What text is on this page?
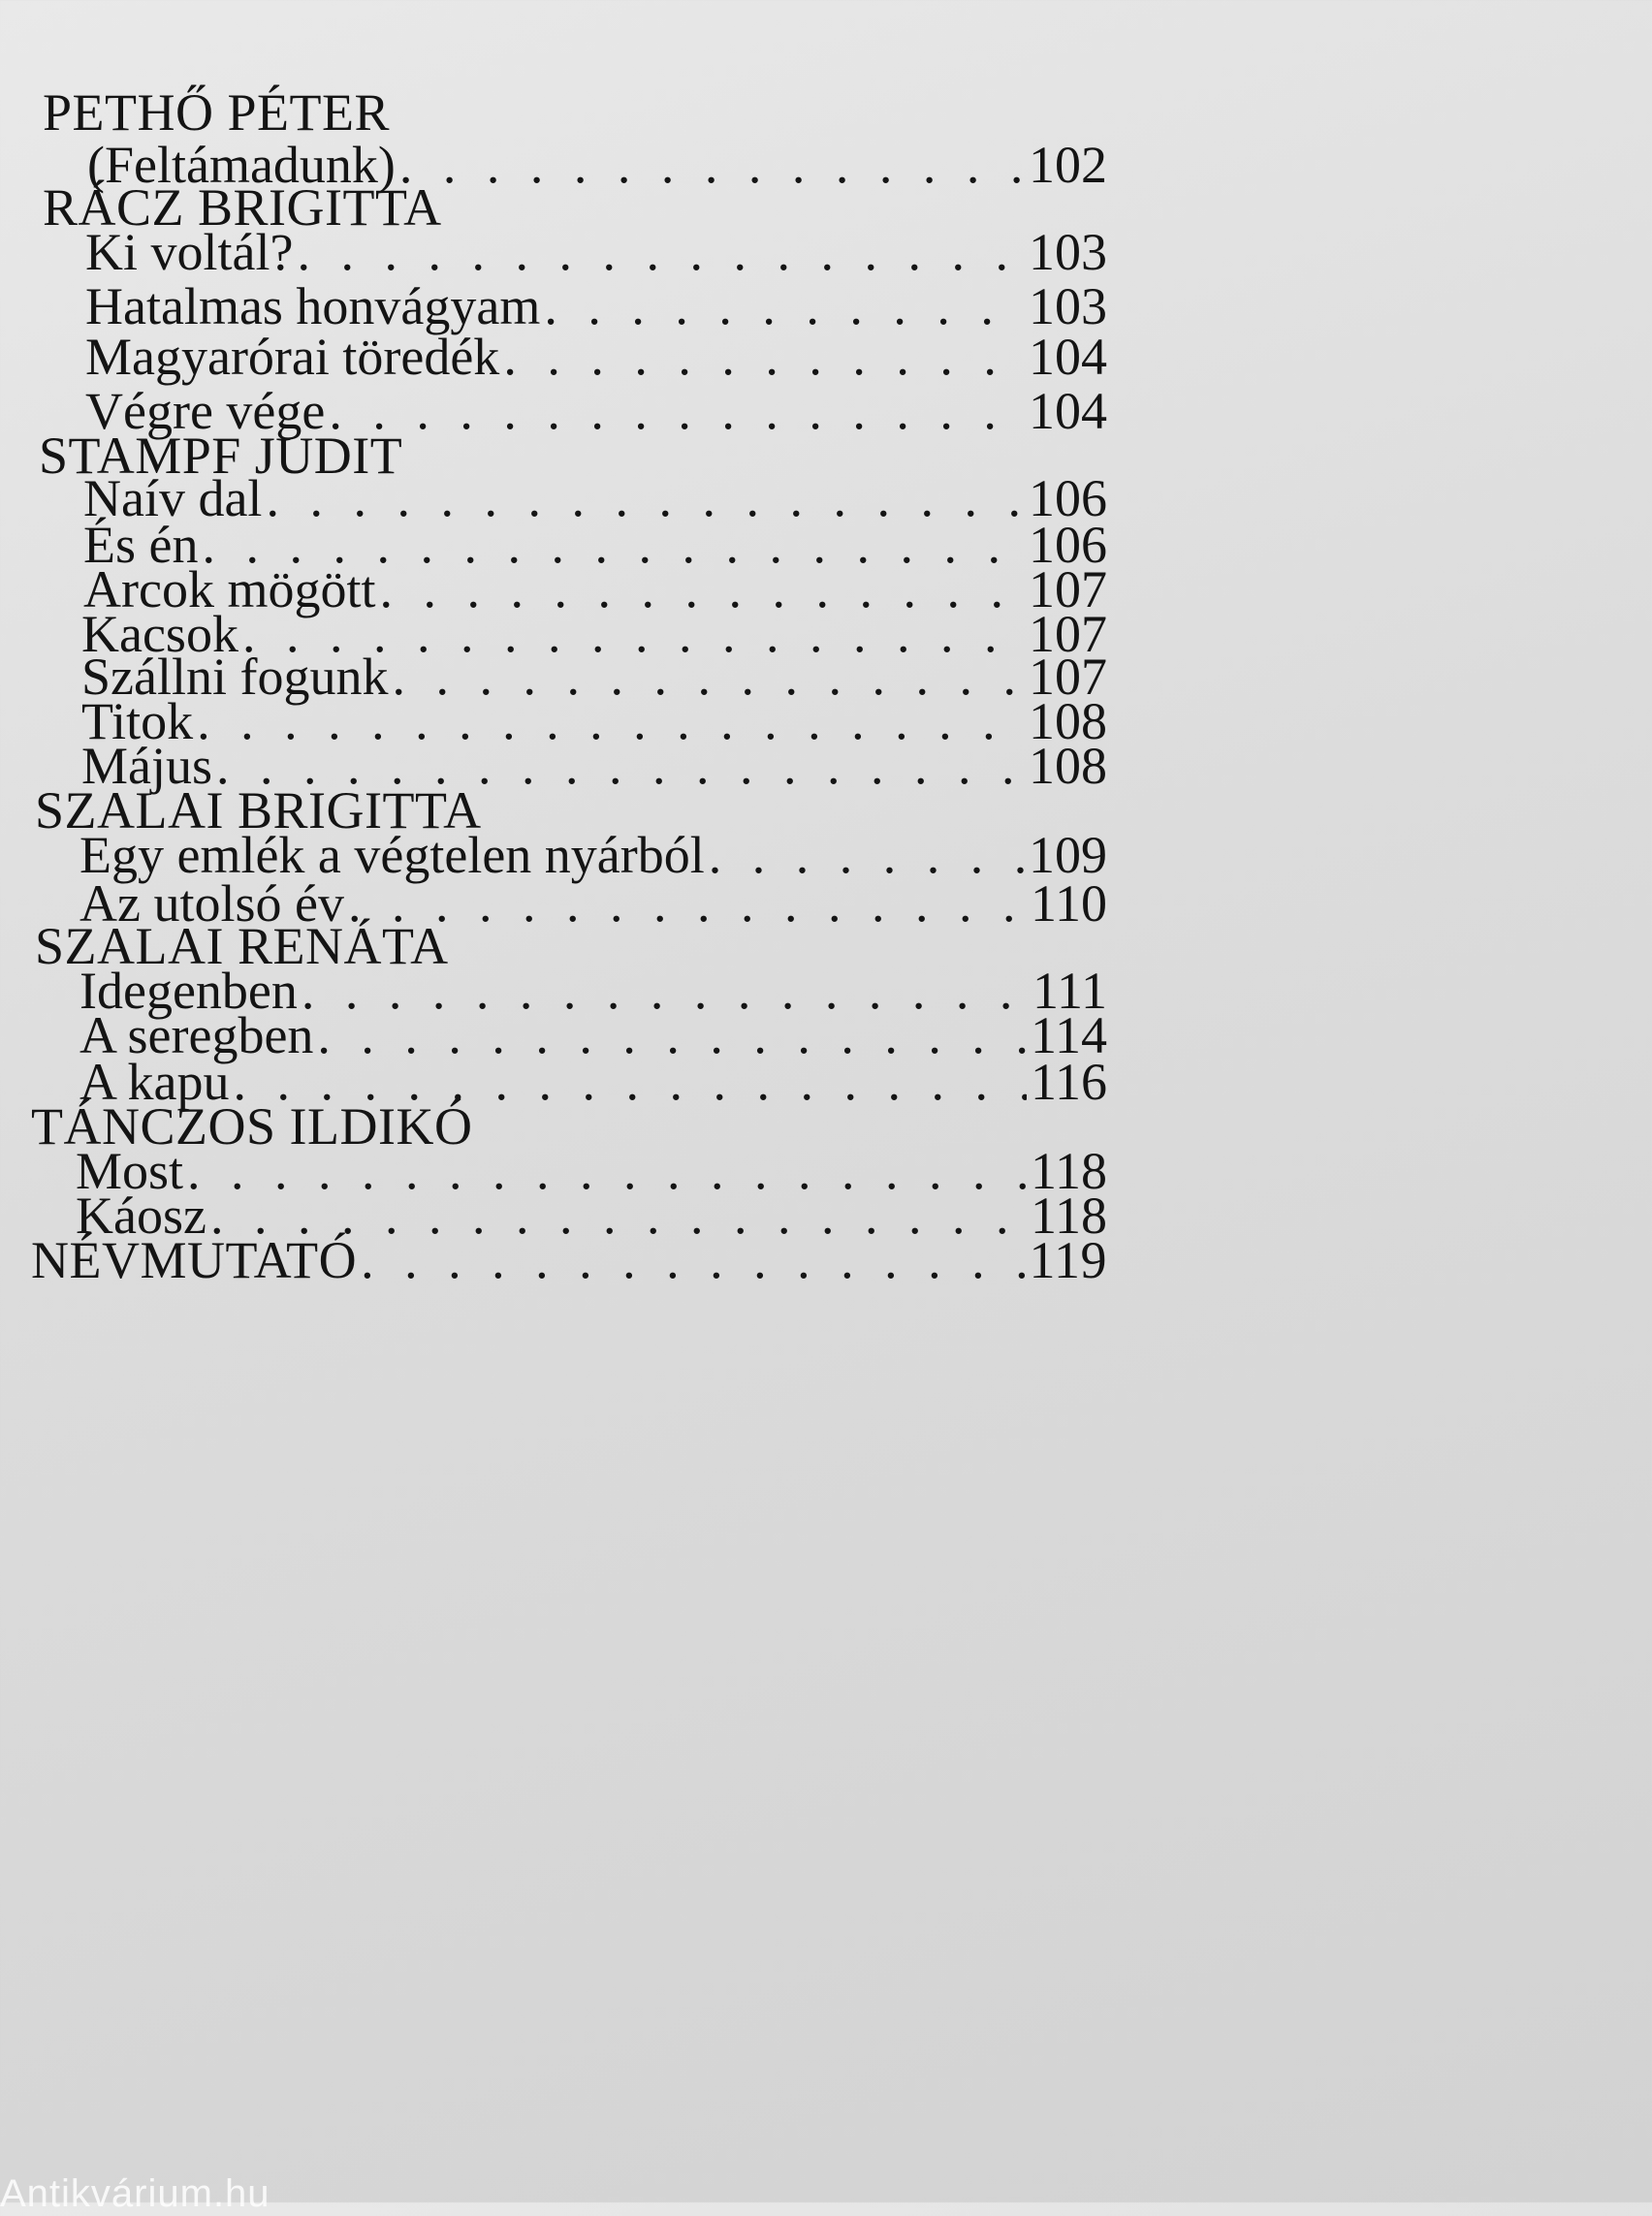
PETHŐ PÉTER
(Feltámadunk) . . .	102
RÁCZ BRIGITTA
Ki voltál? . . .	103
Hatalmas honvágyam . . .	103
Magyarórai töredék . . .	104
Végre vége . . .	104
STAMPF JUDIT
Naív dal . . .	106
És én . . .	106
Arcok mögött . . .	107
Kacsok . . .	107
Szállni fogunk . . .	107
Titok . . .	108
Május . . .	108
SZALAI BRIGITTA
Egy emlék a végtelen nyárból . . .	109
Az utolsó év . . .	110
SZALAI RENÁTA
Idegenben . . .	111
A seregben . . .	114
A kapu . . .	116
TÁNCZOS ILDIKÓ
Most . . .	118
Káosz . . .	118
NÉVMUTATÓ . . .	119
Antikvárium.hu
